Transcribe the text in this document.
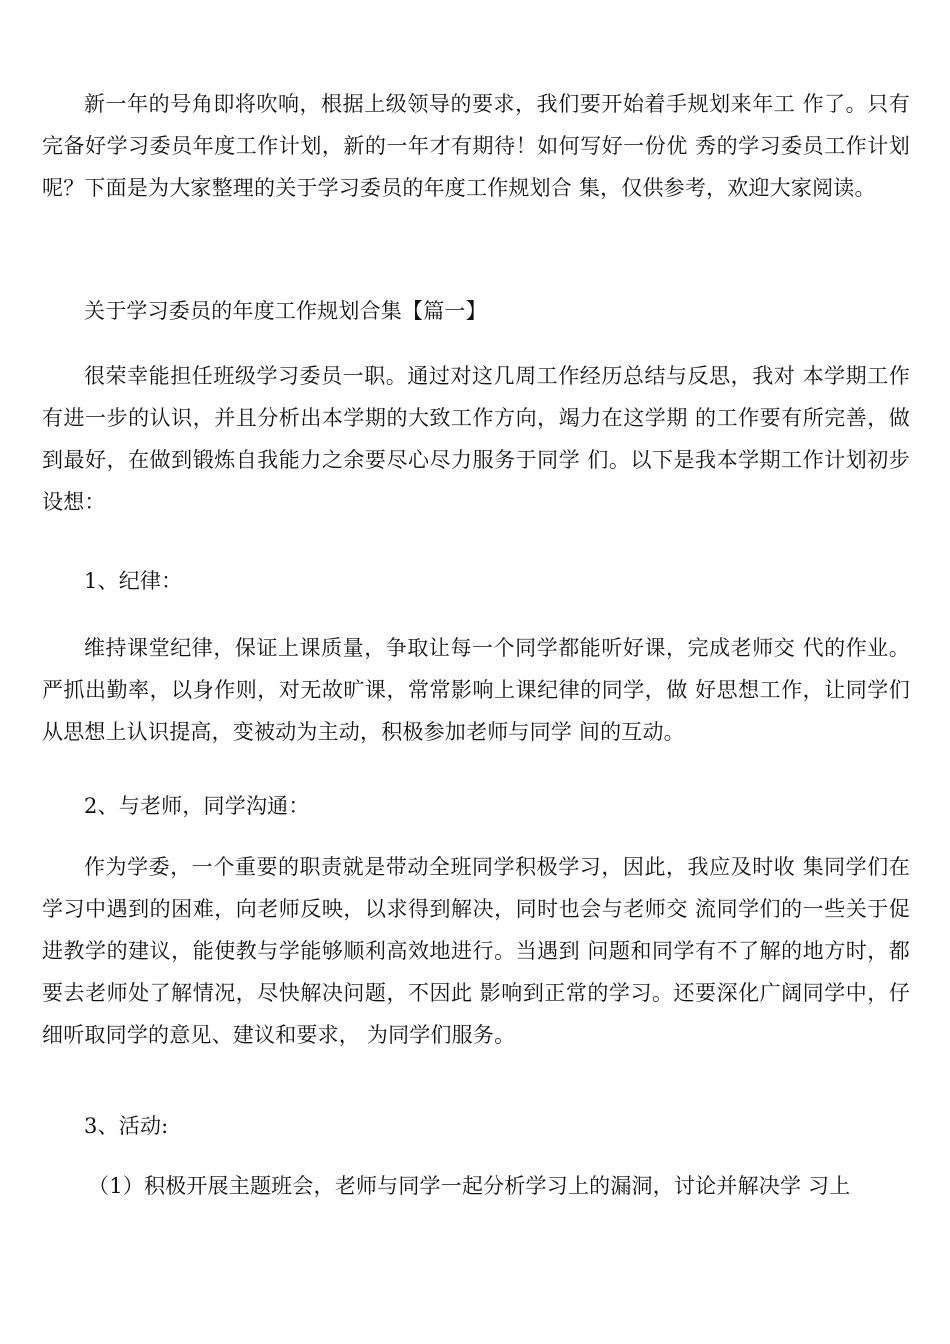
新一年的号角即将吹响，根据上级领导的要求，我们要开始着手规划来年工 作了。只有完备好学习委员年度工作计划，新的一年才有期待！如何写好一份优 秀的学习委员工作计划呢？下面是为大家整理的关于学习委员的年度工作规划合 集，仅供参考，欢迎大家阅读。

关于学习委员的年度工作规划合集【篇一】

很荣幸能担任班级学习委员一职。通过对这几周工作经历总结与反思，我对 本学期工作有进一步的认识，并且分析出本学期的大致工作方向，竭力在这学期 的工作要有所完善，做到最好，在做到锻炼自我能力之余要尽心尽力服务于同学 们。以下是我本学期工作计划初步设想：

1、纪律：

维持课堂纪律，保证上课质量，争取让每一个同学都能听好课，完成老师交 代的作业。严抓出勤率，以身作则，对无故旷课，常常影响上课纪律的同学，做 好思想工作，让同学们从思想上认识提高，变被动为主动，积极参加老师与同学 间的互动。

2、与老师，同学沟通：

作为学委，一个重要的职责就是带动全班同学积极学习，因此，我应及时收 集同学们在学习中遇到的困难，向老师反映，以求得到解决，同时也会与老师交 流同学们的一些关于促进教学的建议，能使教与学能够顺利高效地进行。当遇到 问题和同学有不了解的地方时，都要去老师处了解情况，尽快解决问题，不因此 影响到正常的学习。还要深化广阔同学中，仔细听取同学的意见、建议和要求， 为同学们服务。

3、活动:

（1）积极开展主题班会，老师与同学一起分析学习上的漏洞，讨论并解决学 习上
